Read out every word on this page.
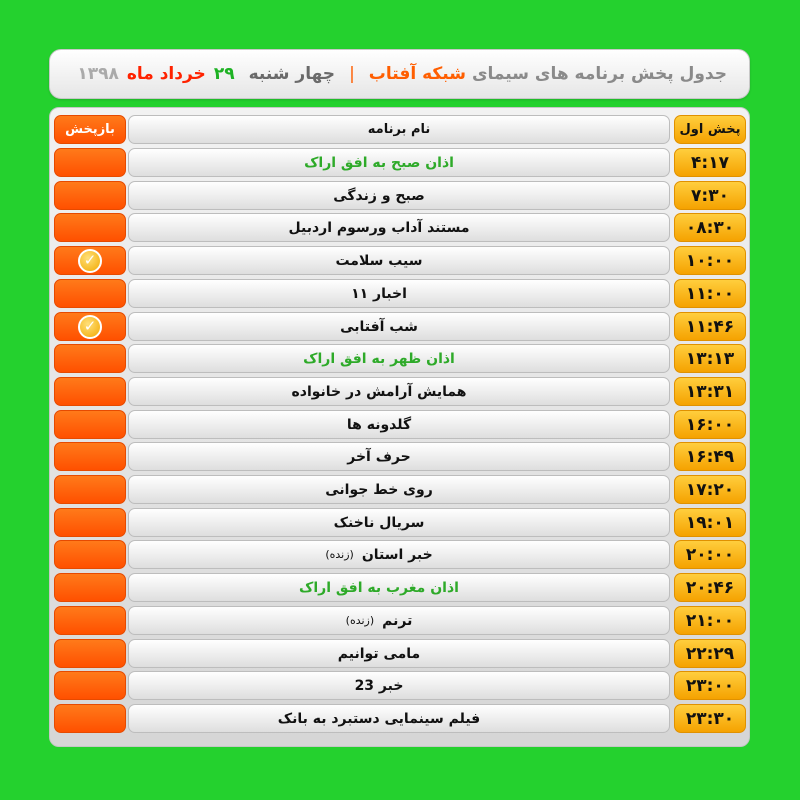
جدول پخش برنامه های سیمای
شبکه آفتاب
|
چهار شنبه
۲۹
خرداد ماه
۱۳۹۸
پخش اول
نام برنامه
بازپخش
۴:۱۷
اذان صبح به افق اراک
۷:۳۰
صبح و زندگی
۰۸:۳۰
مستند آداب ورسوم اردبیل
۱۰:۰۰
سیب سلامت
✓
۱۱:۰۰
اخبار ۱۱
۱۱:۴۶
شب آفتابی
✓
۱۳:۱۳
اذان ظهر به افق اراک
۱۳:۳۱
همایش آرامش در خانواده
۱۶:۰۰
گلدونه ها
۱۶:۴۹
حرف آخر
۱۷:۲۰
روی خط جوانی
۱۹:۰۱
سریال ناخنک
۲۰:۰۰
خبر استان
(زنده)
۲۰:۴۶
اذان مغرب به افق اراک
۲۱:۰۰
ترنم
(زنده)
۲۲:۲۹
مامی توانیم
۲۳:۰۰
خبر 23
۲۳:۳۰
فیلم سینمایی دستبرد به بانک
